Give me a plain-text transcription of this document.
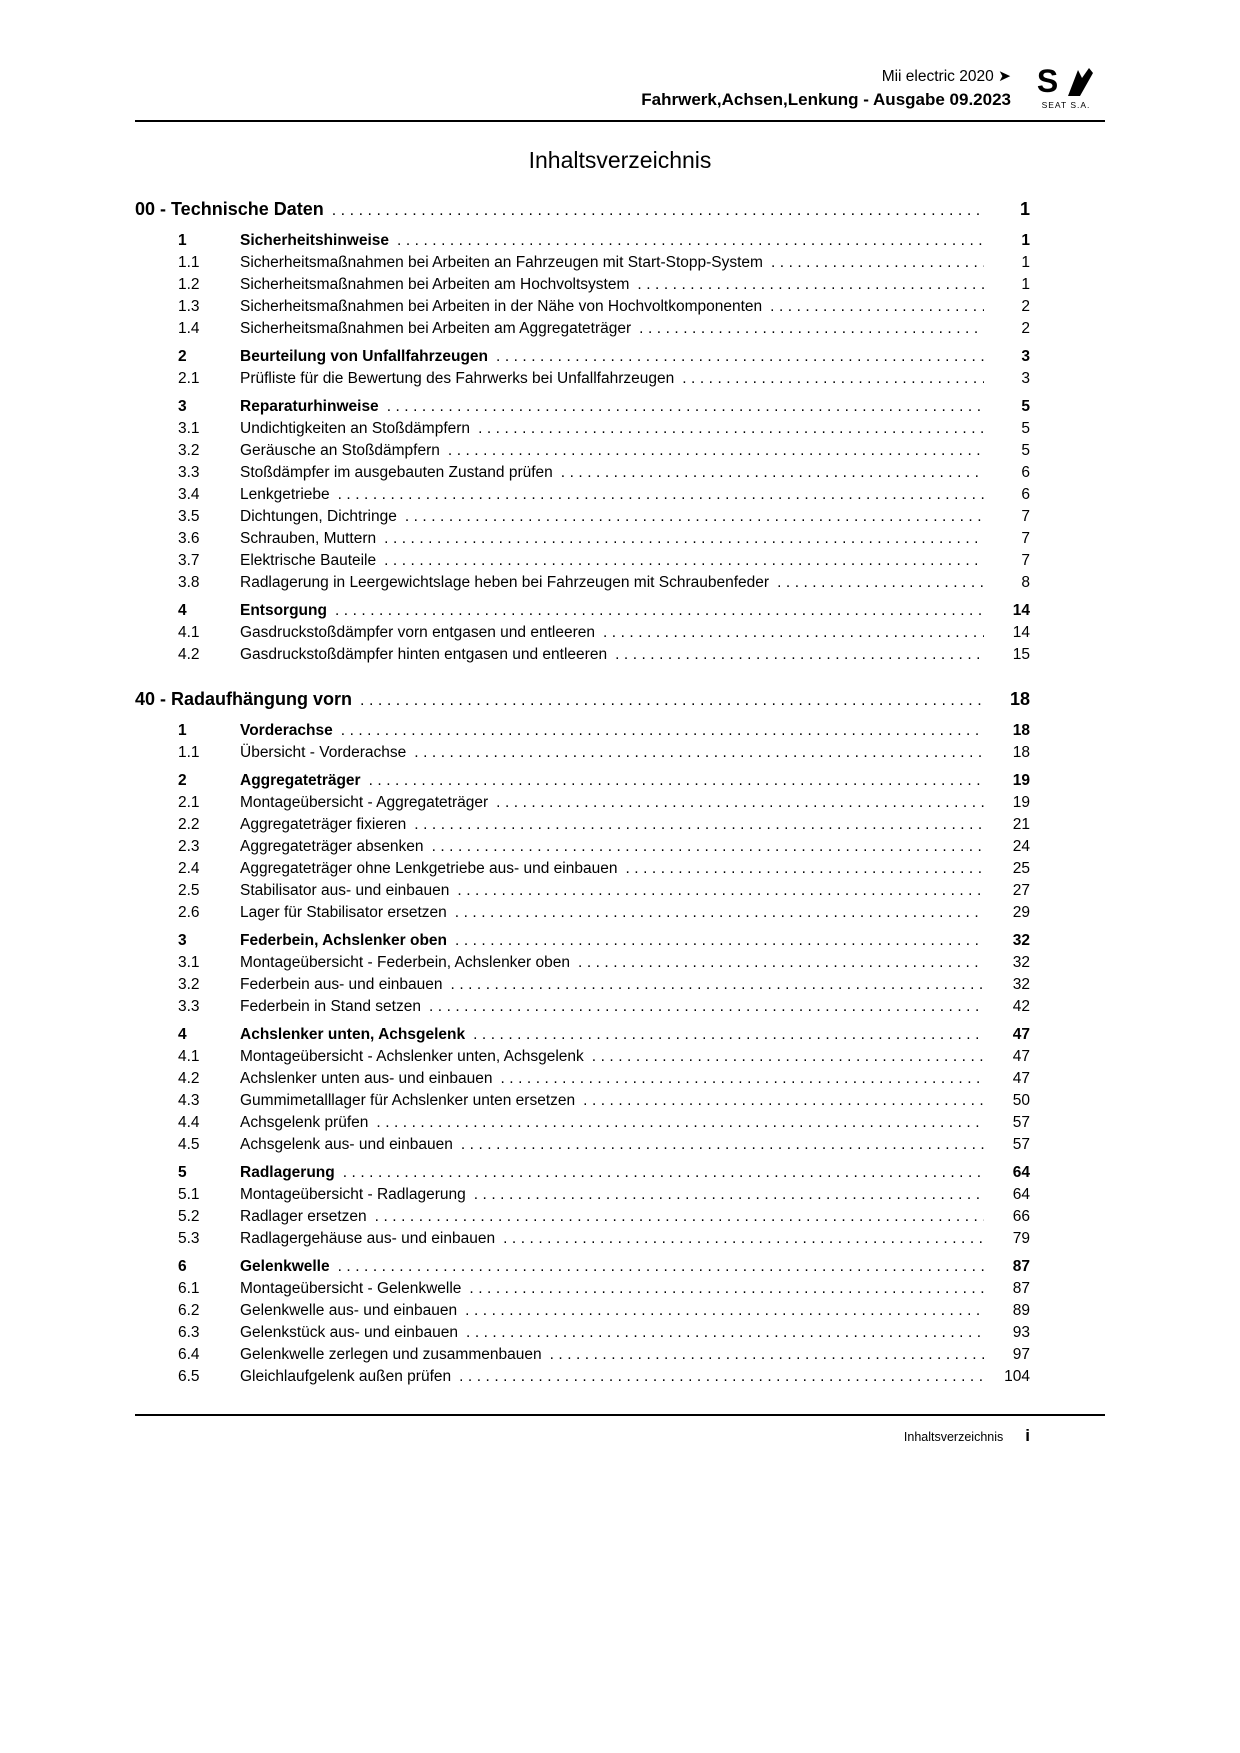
Mii electric 2020 ➤
Fahrwerk,Achsen,Lenkung - Ausgabe 09.2023
S
SEAT S.A.
Inhaltsverzeichnis
00 - Technische Daten .....	1
1	Sicherheitshinweise .....	1
1.1	Sicherheitsmaßnahmen bei Arbeiten an Fahrzeugen mit Start-Stopp-System .....	1
1.2	Sicherheitsmaßnahmen bei Arbeiten am Hochvoltsystem .....	1
1.3	Sicherheitsmaßnahmen bei Arbeiten in der Nähe von Hochvoltkomponenten .....	2
1.4	Sicherheitsmaßnahmen bei Arbeiten am Aggregateträger .....	2
2	Beurteilung von Unfallfahrzeugen .....	3
2.1	Prüfliste für die Bewertung des Fahrwerks bei Unfallfahrzeugen .....	3
3	Reparaturhinweise .....	5
3.1	Undichtigkeiten an Stoßdämpfern .....	5
3.2	Geräusche an Stoßdämpfern .....	5
3.3	Stoßdämpfer im ausgebauten Zustand prüfen .....	6
3.4	Lenkgetriebe .....	6
3.5	Dichtungen, Dichtringe .....	7
3.6	Schrauben, Muttern .....	7
3.7	Elektrische Bauteile .....	7
3.8	Radlagerung in Leergewichtslage heben bei Fahrzeugen mit Schraubenfeder .....	8
4	Entsorgung .....	14
4.1	Gasdruckstoßdämpfer vorn entgasen und entleeren .....	14
4.2	Gasdruckstoßdämpfer hinten entgasen und entleeren .....	15
40 - Radaufhängung vorn .....	18
1	Vorderachse .....	18
1.1	Übersicht - Vorderachse .....	18
2	Aggregateträger .....	19
2.1	Montageübersicht - Aggregateträger .....	19
2.2	Aggregateträger fixieren .....	21
2.3	Aggregateträger absenken .....	24
2.4	Aggregateträger ohne Lenkgetriebe aus- und einbauen .....	25
2.5	Stabilisator aus- und einbauen .....	27
2.6	Lager für Stabilisator ersetzen .....	29
3	Federbein, Achslenker oben .....	32
3.1	Montageübersicht - Federbein, Achslenker oben .....	32
3.2	Federbein aus- und einbauen .....	32
3.3	Federbein in Stand setzen .....	42
4	Achslenker unten, Achsgelenk .....	47
4.1	Montageübersicht - Achslenker unten, Achsgelenk .....	47
4.2	Achslenker unten aus- und einbauen .....	47
4.3	Gummimetalllager für Achslenker unten ersetzen .....	50
4.4	Achsgelenk prüfen .....	57
4.5	Achsgelenk aus- und einbauen .....	57
5	Radlagerung .....	64
5.1	Montageübersicht - Radlagerung .....	64
5.2	Radlager ersetzen .....	66
5.3	Radlagergehäuse aus- und einbauen .....	79
6	Gelenkwelle .....	87
6.1	Montageübersicht - Gelenkwelle .....	87
6.2	Gelenkwelle aus- und einbauen .....	89
6.3	Gelenkstück aus- und einbauen .....	93
6.4	Gelenkwelle zerlegen und zusammenbauen .....	97
6.5	Gleichlaufgelenk außen prüfen .....	104
Inhaltsverzeichnis i
